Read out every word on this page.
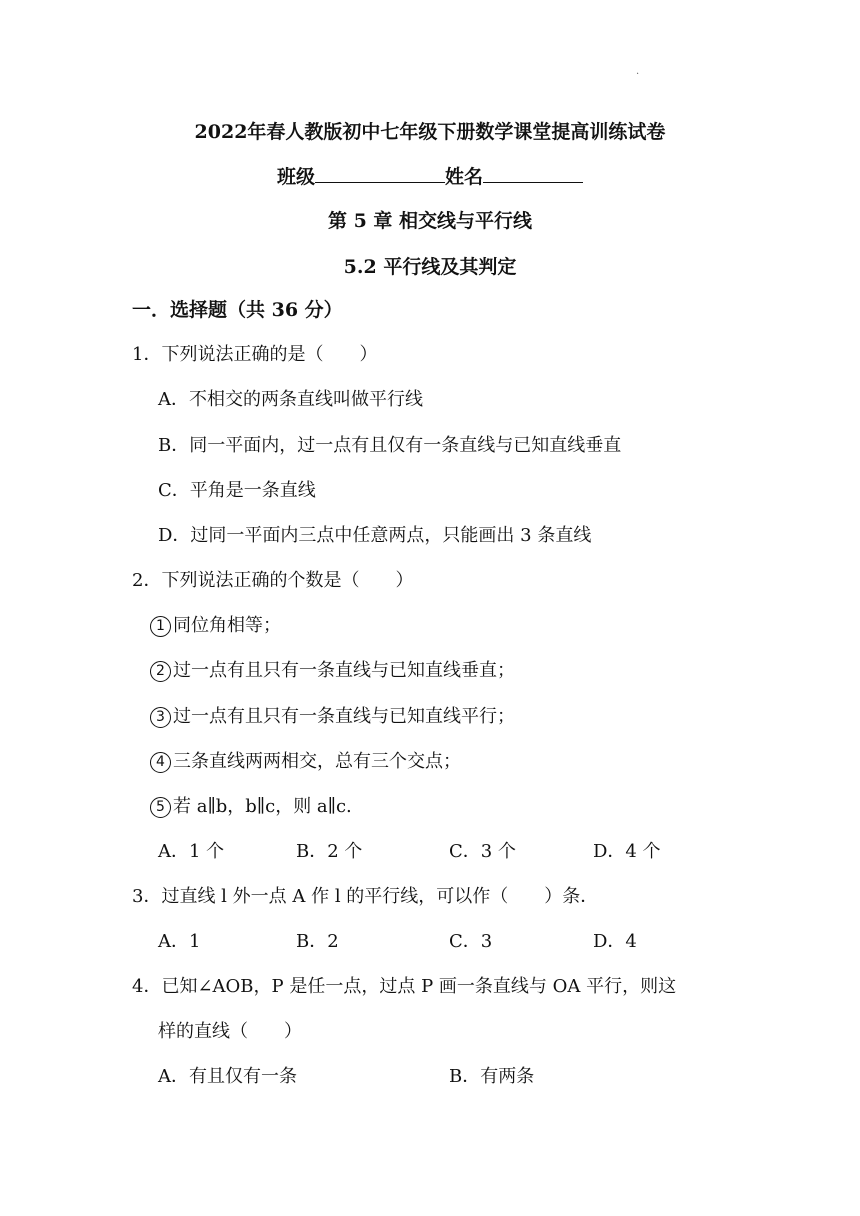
.
2022年春人教版初中七年级下册数学课堂提高训练试卷
班级	姓名
第 5 章 相交线与平行线
5.2 平行线及其判定
一．选择题（共 36 分）
1．下列说法正确的是（　　）
A．不相交的两条直线叫做平行线
B．同一平面内，过一点有且仅有一条直线与已知直线垂直
C．平角是一条直线
D．过同一平面内三点中任意两点，只能画出 3 条直线
2．下列说法正确的个数是（　　）
1 同位角相等；
2 过一点有且只有一条直线与已知直线垂直；
3 过一点有且只有一条直线与已知直线平行；
4 三条直线两两相交，总有三个交点；
5 若 a∥b，b∥c，则 a∥c.
A．1 个	B．2 个	C．3 个	D．4 个
3．过直线 l 外一点 A 作 l 的平行线，可以作（　　）条．
A．1	B．2	C．3	D．4
4．已知∠AOB，P 是任一点，过点 P 画一条直线与 OA 平行，则这
样的直线（　　）
A．有且仅有一条	B．有两条
